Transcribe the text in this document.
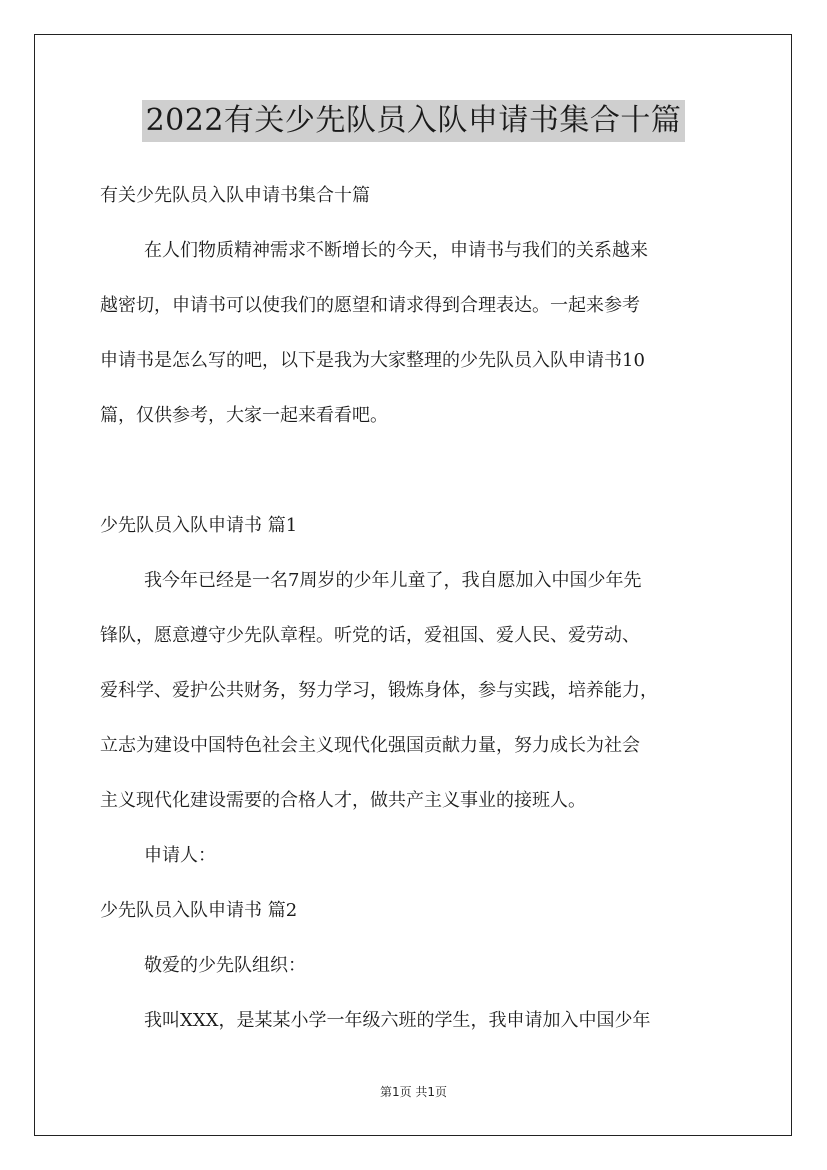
2022有关少先队员入队申请书集合十篇

有关少先队员入队申请书集合十篇

在人们物质精神需求不断增长的今天，申请书与我们的关系越来

越密切，申请书可以使我们的愿望和请求得到合理表达。一起来参考

申请书是怎么写的吧，以下是我为大家整理的少先队员入队申请书10

篇，仅供参考，大家一起来看看吧。

少先队员入队申请书 篇1

我今年已经是一名7周岁的少年儿童了，我自愿加入中国少年先

锋队，愿意遵守少先队章程。听党的话，爱祖国、爱人民、爱劳动、

爱科学、爱护公共财务，努力学习，锻炼身体，参与实践，培养能力，

立志为建设中国特色社会主义现代化强国贡献力量，努力成长为社会

主义现代化建设需要的合格人才，做共产主义事业的接班人。

申请人：

少先队员入队申请书 篇2

敬爱的少先队组织：

我叫XXX，是某某小学一年级六班的学生，我申请加入中国少年

第1页 共1页
